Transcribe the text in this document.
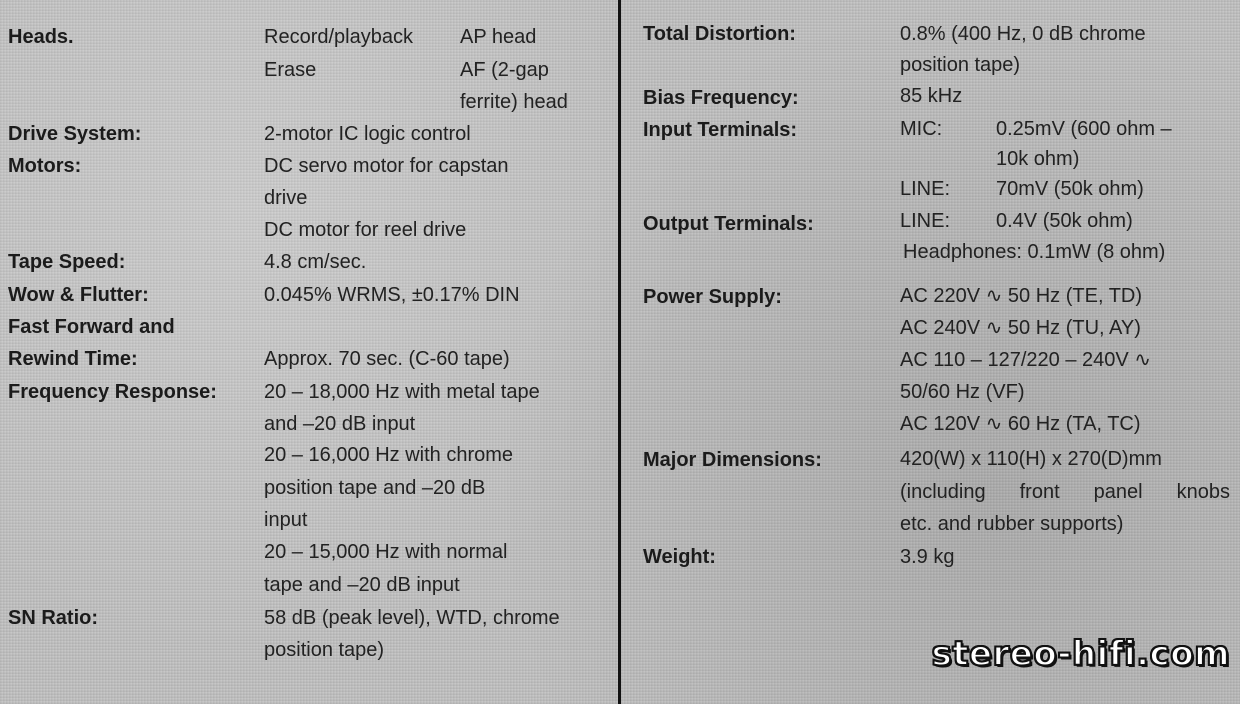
Heads.	Record/playback AP head
Erase	AF (2-gap
ferrite) head
Drive System:	2-motor IC logic control
Motors:	DC servo motor for capstan
drive
DC motor for reel drive
Tape Speed:	4.8 cm/sec.
Wow & Flutter:	0.045% WRMS, ±0.17% DIN
Fast Forward and
Rewind Time:	Approx. 70 sec. (C-60 tape)
Frequency Response: 20 – 18,000 Hz with metal tape
and –20 dB input
20 – 16,000 Hz with chrome
position tape and –20 dB
input
20 – 15,000 Hz with normal
tape and –20 dB input
SN Ratio:	58 dB (peak level), WTD, chrome
position tape)
Total Distortion:	0.8% (400 Hz, 0 dB chrome
position tape)
Bias Frequency:	85 kHz
Input Terminals:	MIC:	0.25mV (600 ohm –
10k ohm)
LINE: 70mV (50k ohm)
Output Terminals:	LINE: 0.4V (50k ohm)
Headphones: 0.1mW (8 ohm)
Power Supply:	AC 220V ∿ 50 Hz (TE, TD)
AC 240V ∿ 50 Hz (TU, AY)
AC 110 – 127/220 – 240V ∿
50/60 Hz (VF)
AC 120V ∿ 60 Hz (TA, TC)
Major Dimensions:	420(W) x 110(H) x 270(D)mm
(including front panel knobs
etc. and rubber supports)
Weight:	3.9 kg
stereo-hifi.com
